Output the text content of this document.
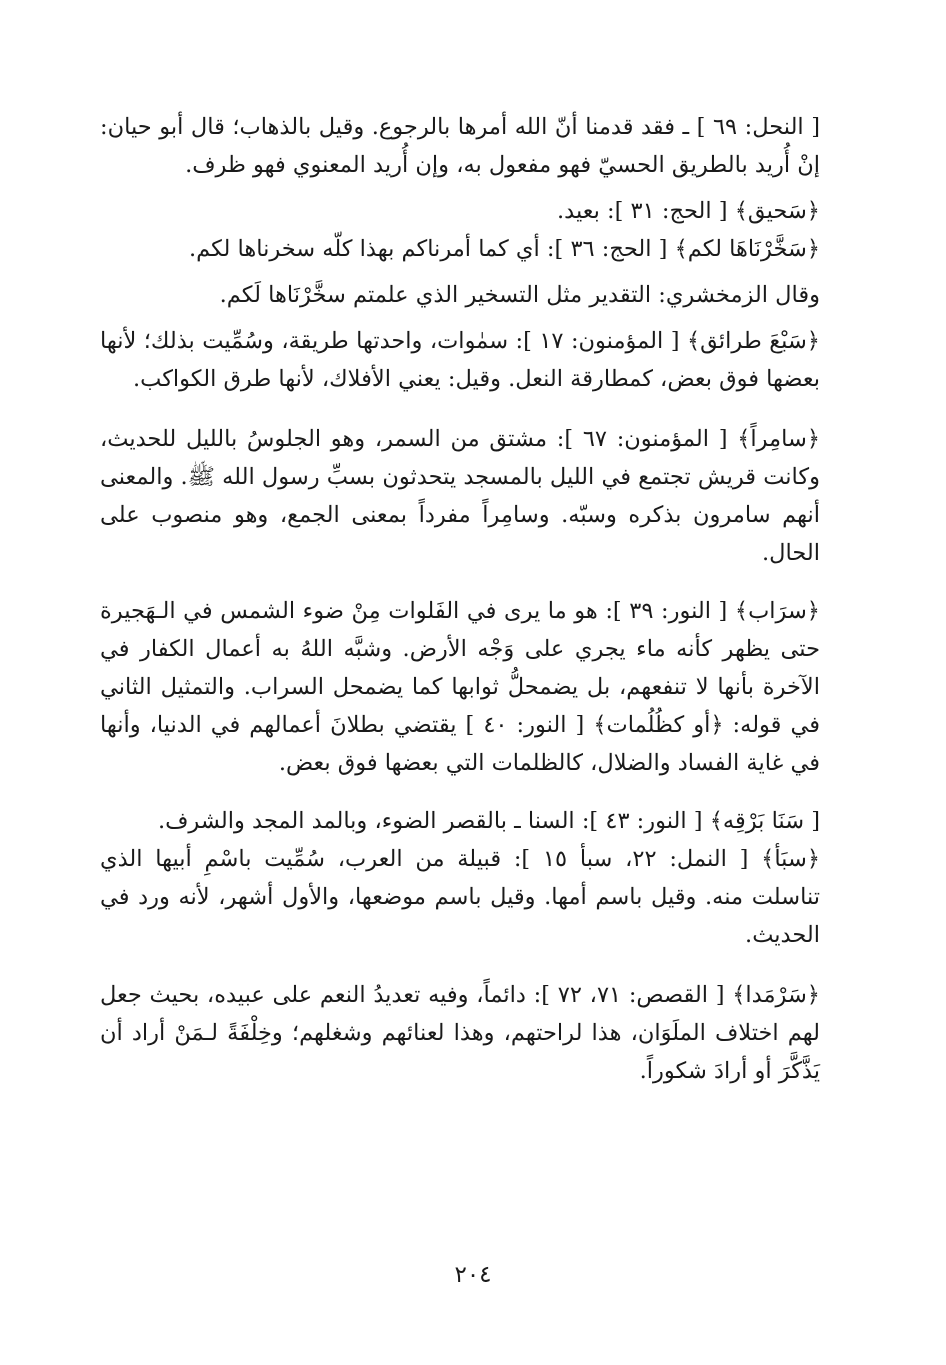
[ النحل: ٦٩ ] ـ فقد قدمنا أنّ الله أمرها بالرجوع. وقيل بالذهاب؛ قال أبو حيان: إنْ أُريد بالطريق الحسيّ فهو مفعول به، وإن أُريد المعنوي فهو ظرف.

﴿سَحيق﴾ [ الحج: ٣١ ]: بعيد.

﴿سَخَّرْنَاهَا لكم﴾ [ الحج: ٣٦ ]: أي كما أمرناكم بهذا كلّه سخرناها لكم.

وقال الزمخشري: التقدير مثل التسخير الذي علمتم سخَّرْنَاها لَكم.

﴿سَبْعَ طرائق﴾ [ المؤمنون: ١٧ ]: سمٰوات، واحدتها طريقة، وسُمِّيت بذلك؛ لأنها بعضها فوق بعض، كمطارقة النعل. وقيل: يعني الأفلاك، لأنها طرق الكواكب.

﴿سامِراً﴾ [ المؤمنون: ٦٧ ]: مشتق من السمر، وهو الجلوسُ بالليل للحديث، وكانت قريش تجتمع في الليل بالمسجد يتحدثون بسبِّ رسول الله ﷺ. والمعنى أنهم سامرون بذكره وسبّه. وسامِراً مفرداً بمعنى الجمع، وهو منصوب على الحال.

﴿سرَاب﴾ [ النور: ٣٩ ]: هو ما يرى في الفَلوات مِنْ ضوء الشمس في الـهَجيرة حتى يظهر كأنه ماء يجري على وَجْه الأرض. وشبَّه اللهُ به أعمال الكفار في الآخرة بأنها لا تنفعهم، بل يضمحلُّ ثوابها كما يضمحل السراب. والتمثيل الثاني في قوله: ﴿أو كظُلُمات﴾ [ النور: ٤٠ ] يقتضي بطلانَ أعمالهم في الدنيا، وأنها في غاية الفساد والضلال، كالظلمات التي بعضها فوق بعض.

[ سَنَا بَرْقِه﴾ [ النور: ٤٣ ]: السنا ـ بالقصر الضوء، وبالمد المجد والشرف.

﴿سبَأ﴾ [ النمل: ٢٢، سبأ ١٥ ]: قبيلة من العرب، سُمِّيت باسْمِ أبيها الذي تناسلت منه. وقيل باسم أمها. وقيل باسم موضعها، والأول أشهر، لأنه ورد في الحديث.

﴿سَرْمَدا﴾ [ القصص: ٧١، ٧٢ ]: دائماً، وفيه تعديدُ النعم على عبيده، بحيث جعل لهم اختلاف الملَوَان، هذا لراحتهم، وهذا لعنائهم وشغلهم؛ وخِلْفَةً لـمَنْ أراد أن يَذَّكَّرَ أو أرادَ شكوراً.

٢٠٤
